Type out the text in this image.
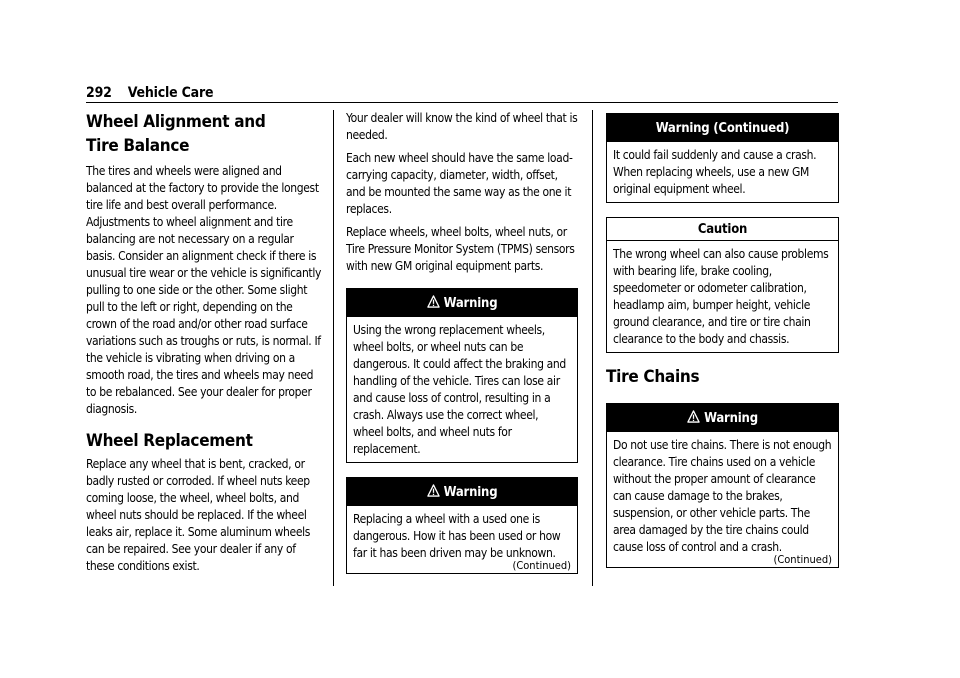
292 Vehicle Care
Wheel Alignment and Tire Balance

The tires and wheels were aligned and balanced at the factory to provide the longest tire life and best overall performance. Adjustments to wheel alignment and tire balancing are not necessary on a regular basis. Consider an alignment check if there is unusual tire wear or the vehicle is significantly pulling to one side or the other. Some slight pull to the left or right, depending on the crown of the road and/or other road surface variations such as troughs or ruts, is normal. If the vehicle is vibrating when driving on a smooth road, the tires and wheels may need to be rebalanced. See your dealer for proper diagnosis.

Wheel Replacement

Replace any wheel that is bent, cracked, or badly rusted or corroded. If wheel nuts keep coming loose, the wheel, wheel bolts, and wheel nuts should be replaced. If the wheel leaks air, replace it. Some aluminum wheels can be repaired. See your dealer if any of these conditions exist.

Your dealer will know the kind of wheel that is needed.

Each new wheel should have the same load-carrying capacity, diameter, width, offset, and be mounted the same way as the one it replaces.

Replace wheels, wheel bolts, wheel nuts, or Tire Pressure Monitor System (TPMS) sensors with new GM original equipment parts.

Warning

Using the wrong replacement wheels, wheel bolts, or wheel nuts can be dangerous. It could affect the braking and handling of the vehicle. Tires can lose air and cause loss of control, resulting in a crash. Always use the correct wheel, wheel bolts, and wheel nuts for replacement.

Warning

Replacing a wheel with a used one is dangerous. How it has been used or how far it has been driven may be unknown.

(Continued)
Warning (Continued)

It could fail suddenly and cause a crash. When replacing wheels, use a new GM original equipment wheel.

Caution

The wrong wheel can also cause problems with bearing life, brake cooling, speedometer or odometer calibration, headlamp aim, bumper height, vehicle ground clearance, and tire or tire chain clearance to the body and chassis.

Tire Chains
Warning

Do not use tire chains. There is not enough clearance. Tire chains used on a vehicle without the proper amount of clearance can cause damage to the brakes, suspension, or other vehicle parts. The area damaged by the tire chains could cause loss of control and a crash.

(Continued)
